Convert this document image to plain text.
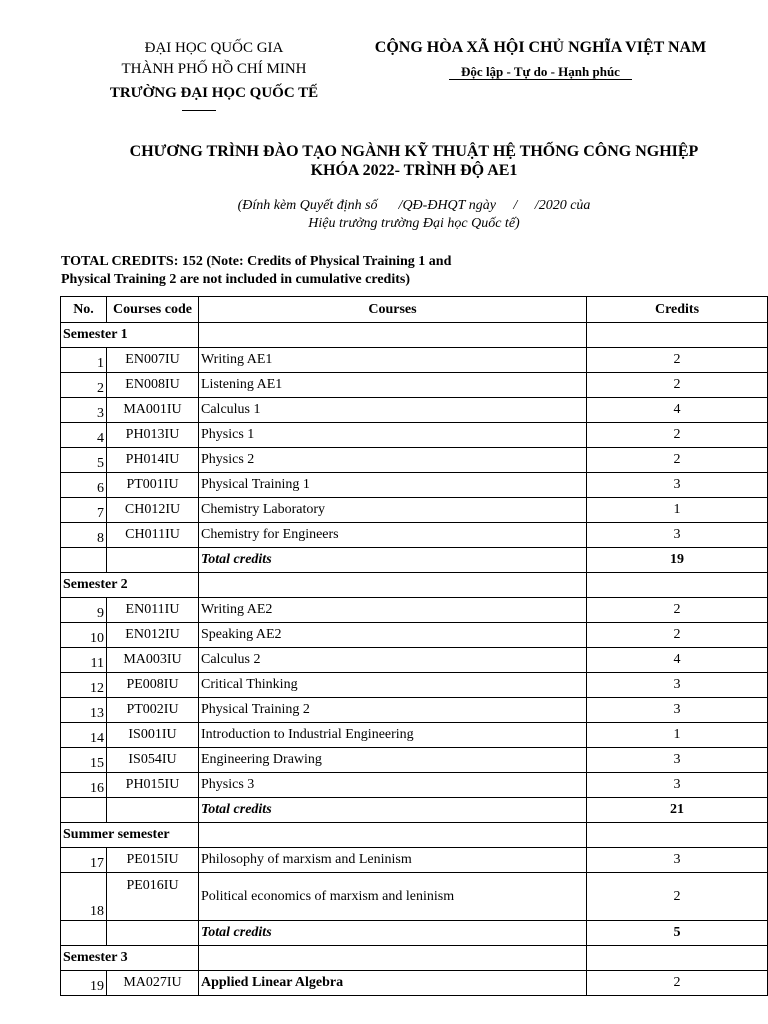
ĐẠI HỌC QUỐC GIA
THÀNH PHỐ HỒ CHÍ MINH
TRƯỜNG ĐẠI HỌC QUỐC TẾ
CỘNG HÒA XÃ HỘI CHỦ NGHĨA VIỆT NAM
Độc lập - Tự do - Hạnh phúc
CHƯƠNG TRÌNH ĐÀO TẠO NGÀNH KỸ THUẬT HỆ THỐNG CÔNG NGHIỆP
KHÓA 2022- TRÌNH ĐỘ AE1
(Đính kèm Quyết định số      /QĐ-ĐHQT ngày     /     /2020 của
Hiệu trưởng trường Đại học Quốc tế)
TOTAL CREDITS: 152 (Note: Credits of Physical Training 1 and
Physical Training 2 are not included in cumulative credits)
No.	Courses code	Courses	Credits
Semester 1			
1	EN007IU	Writing AE1	2
2	EN008IU	Listening AE1	2
3	MA001IU	Calculus 1	4
4	PH013IU	Physics 1	2
5	PH014IU	Physics 2	2
6	PT001IU	Physical Training 1	3
7	CH012IU	Chemistry Laboratory	1
8	CH011IU	Chemistry for Engineers	3
		Total credits	19
Semester 2			
9	EN011IU	Writing AE2	2
10	EN012IU	Speaking AE2	2
11	MA003IU	Calculus 2	4
12	PE008IU	Critical Thinking	3
13	PT002IU	Physical Training 2	3
14	IS001IU	Introduction to Industrial Engineering	1
15	IS054IU	Engineering Drawing	3
16	PH015IU	Physics 3	3
		Total credits	21
Summer semester			
17	PE015IU	Philosophy of marxism and Leninism	3
18	PE016IU	Political economics of marxism and leninism	2
		Total credits	5
Semester 3			
19	MA027IU	Applied Linear Algebra	2
